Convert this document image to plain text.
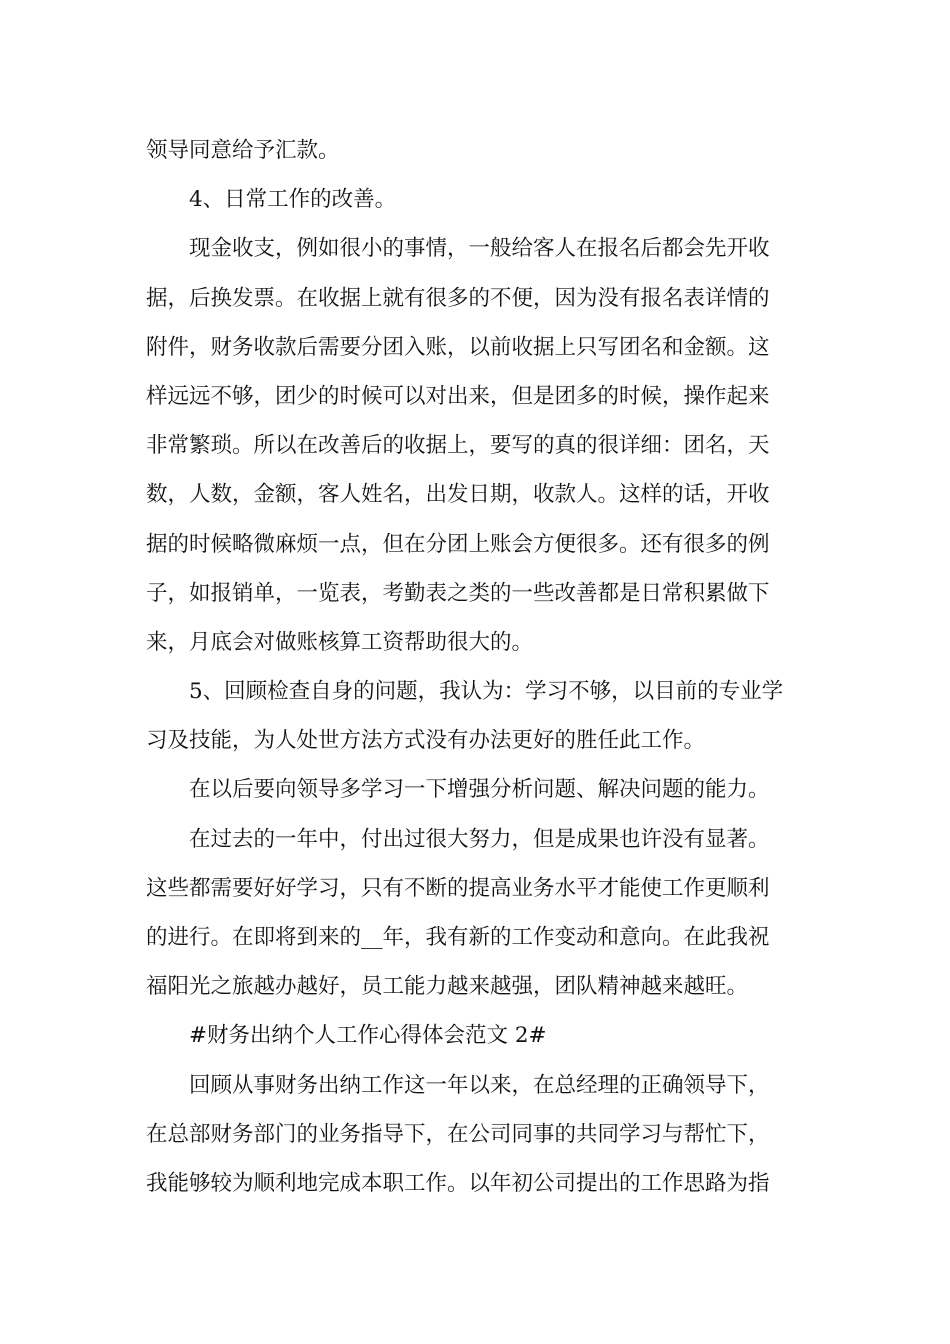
领导同意给予汇款。
4、日常工作的改善。
现金收支，例如很小的事情，一般给客人在报名后都会先开收
据，后换发票。在收据上就有很多的不便，因为没有报名表详情的
附件，财务收款后需要分团入账，以前收据上只写团名和金额。这
样远远不够，团少的时候可以对出来，但是团多的时候，操作起来
非常繁琐。所以在改善后的收据上，要写的真的很详细：团名，天
数，人数，金额，客人姓名，出发日期，收款人。这样的话，开收
据的时候略微麻烦一点，但在分团上账会方便很多。还有很多的例
子，如报销单，一览表，考勤表之类的一些改善都是日常积累做下
来，月底会对做账核算工资帮助很大的。
5、回顾检查自身的问题，我认为：学习不够，以目前的专业学
习及技能，为人处世方法方式没有办法更好的胜任此工作。
在以后要向领导多学习一下增强分析问题、解决问题的能力。
在过去的一年中，付出过很大努力，但是成果也许没有显著。
这些都需要好好学习，只有不断的提高业务水平才能使工作更顺利
的进行。在即将到来的__年，我有新的工作变动和意向。在此我祝
福阳光之旅越办越好，员工能力越来越强，团队精神越来越旺。
#财务出纳个人工作心得体会范文 2#
回顾从事财务出纳工作这一年以来，在总经理的正确领导下，
在总部财务部门的业务指导下，在公司同事的共同学习与帮忙下，
我能够较为顺利地完成本职工作。以年初公司提出的工作思路为指
